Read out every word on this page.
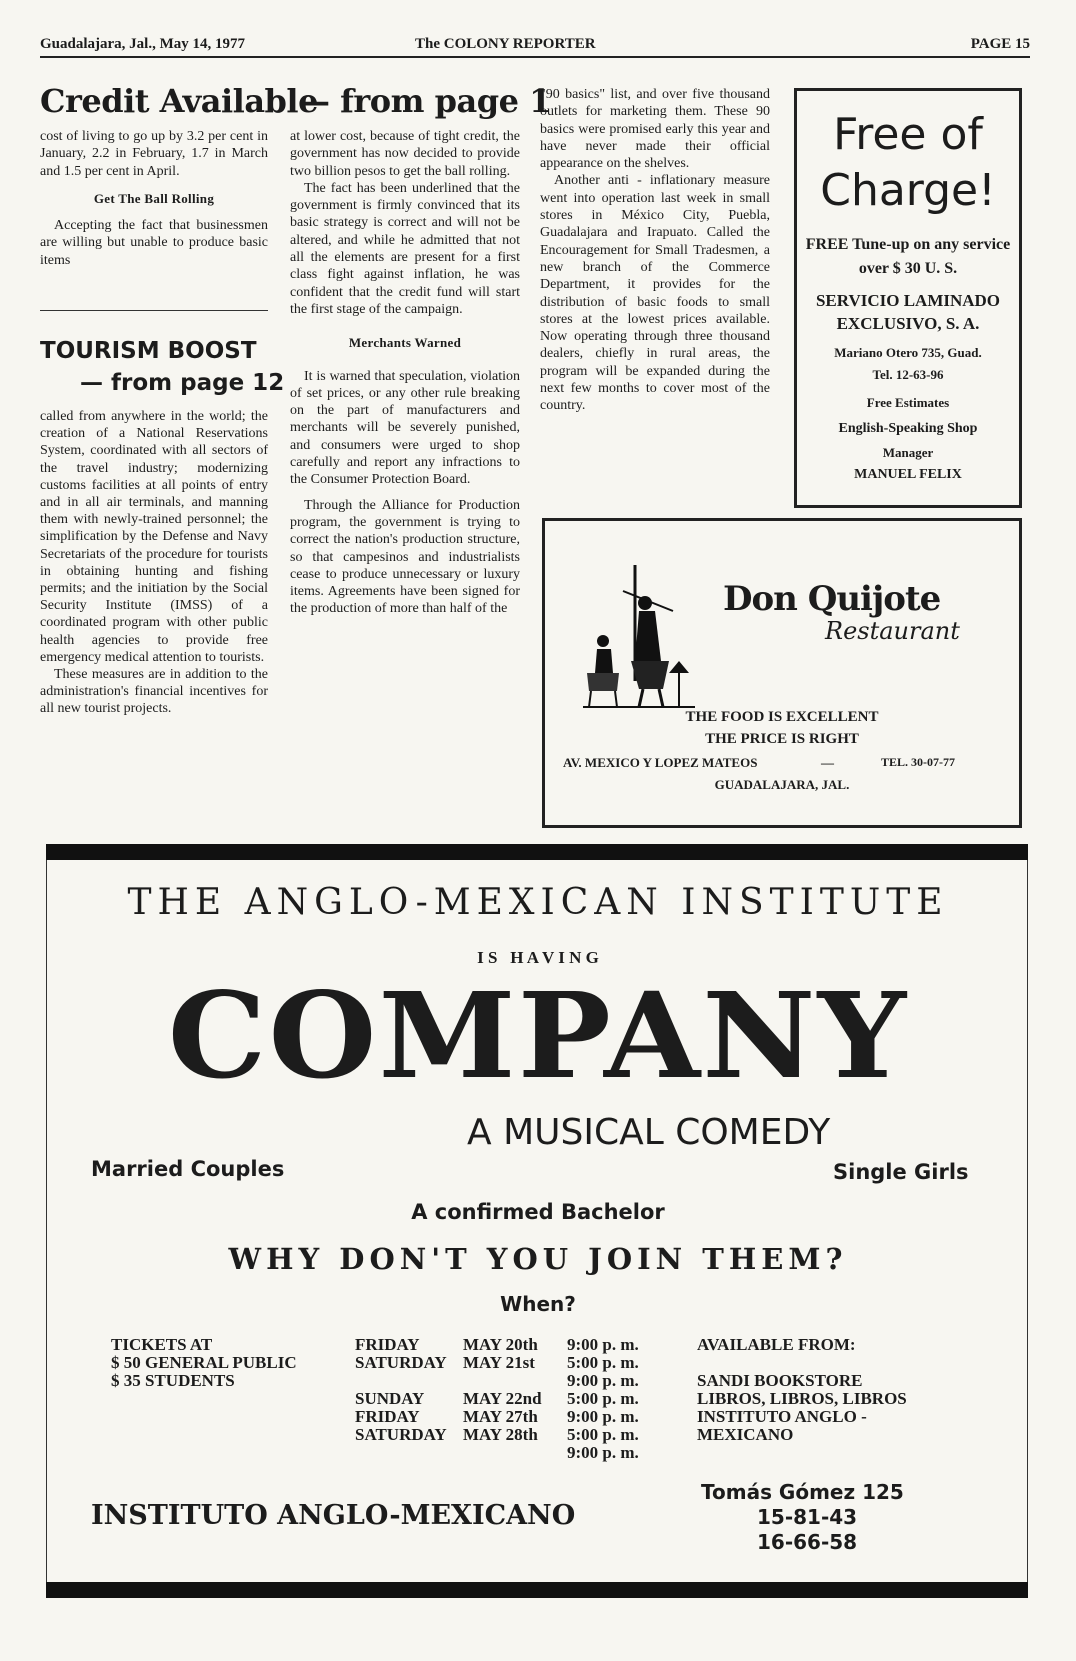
Guadalajara, Jal., May 14, 1977	The COLONY REPORTER	PAGE 15
Credit Available
— from page 1

cost of living to go up by 3.2 per cent in January, 2.2 in February, 1.7 in March and 1.5 per cent in April.

Get The Ball Rolling

Accepting the fact that businessmen are willing but unable to produce basic items

TOURISM BOOST
— from page 12

called from anywhere in the world; the creation of a National Reservations System, coordinated with all sectors of the travel industry; modernizing customs facilities at all points of entry and in all air terminals, and manning them with newly-trained personnel; the simplification by the Defense and Navy Secretariats of the procedure for tourists in obtaining hunting and fishing permits; and the initiation by the Social Security Institute (IMSS) of a coordinated program with other public health agencies to provide free emergency medical attention to tourists.

These measures are in addition to the administration's financial incentives for all new tourist projects.

at lower cost, because of tight credit, the government has now decided to provide two billion pesos to get the ball rolling.

The fact has been underlined that the government is firmly convinced that its basic strategy is correct and will not be altered, and while he admitted that not all the elements are present for a first class fight against inflation, he was confident that the credit fund will start the first stage of the campaign.

Merchants Warned

It is warned that speculation, violation of set prices, or any other rule breaking on the part of manufacturers and merchants will be severely punished, and consumers were urged to shop carefully and report any infractions to the Consumer Protection Board.

Through the Alliance for Production program, the government is trying to correct the nation's production structure, so that campesinos and industrialists cease to produce unnecessary or luxury items. Agreements have been signed for the production of more than half of the

"90 basics" list, and over five thousand outlets for marketing them. These 90 basics were promised early this year and have never made their official appearance on the shelves.

Another anti - inflationary measure went into operation last week in small stores in México City, Puebla, Guadalajara and Irapuato. Called the Encouragement for Small Tradesmen, a new branch of the Commerce Department, it provides for the distribution of basic foods to small stores at the lowest prices available. Now operating through three thousand dealers, chiefly in rural areas, the program will be expanded during the next few months to cover most of the country.

Free of
Charge!
FREE Tune-up on any service over $ 30 U. S.
SERVICIO LAMINADO EXCLUSIVO, S. A.
Mariano Otero 735, Guad.
Tel. 12-63-96
Free Estimates
English-Speaking Shop
Manager
MANUEL FELIX
Don Quijote
Restaurant
THE FOOD IS EXCELLENT
THE PRICE IS RIGHT
AV. MEXICO Y LOPEZ MATEOS	—	TEL. 30-07-77
GUADALAJARA, JAL.
THE ANGLO-MEXICAN INSTITUTE
I S   H A V I N G
COMPANY
A MUSICAL COMEDY
Married Couples	Single Girls
A confirmed Bachelor
WHY DON'T YOU JOIN THEM?
When?
TICKETS AT
$ 50 GENERAL PUBLIC
$ 35 STUDENTS
FRIDAY	MAY 20th	9:00 p. m.
SATURDAY MAY 21st	5:00 p. m.
9:00 p. m.
SUNDAY	MAY 22nd	5:00 p. m.
FRIDAY	MAY 27th	9:00 p. m.
SATURDAY MAY 28th	5:00 p. m.
9:00 p. m.
AVAILABLE FROM:
SANDI BOOKSTORE
LIBROS, LIBROS, LIBROS
INSTITUTO ANGLO -
MEXICANO
INSTITUTO ANGLO-MEXICANO
Tomás Gómez 125
15-81-43
16-66-58
